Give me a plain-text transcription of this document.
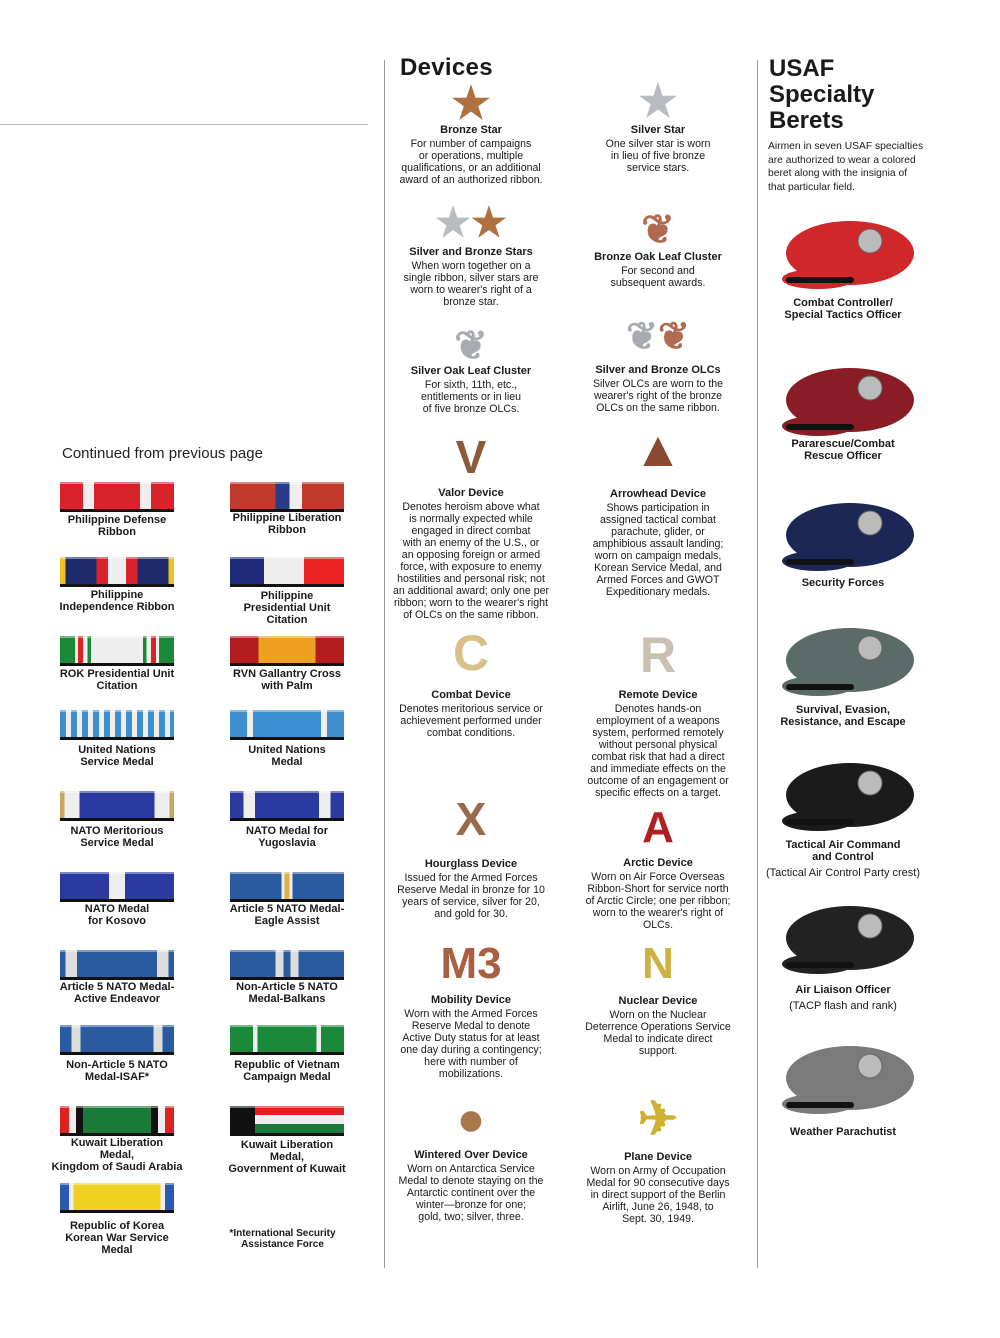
Continued from previous page
*International Security
Assistance Force
Devices	USAF
Specialty
Berets
Airmen in seven USAF specialties
are authorized to wear a colored
beret along with the insignia of
that particular field.
Philippine Defense
Ribbon
Philippine Liberation
Ribbon
Philippine
Independence Ribbon
Philippine
Presidential Unit
Citation
ROK Presidential Unit
Citation
RVN Gallantry Cross
with Palm
United Nations
Service Medal
United Nations
Medal
NATO Meritorious
Service Medal
NATO Medal for
Yugoslavia
NATO Medal
for Kosovo
Article 5 NATO Medal-
Eagle Assist
Article 5 NATO Medal-
Active Endeavor
Non-Article 5 NATO
Medal-Balkans
Non-Article 5 NATO
Medal-ISAF*
Republic of Vietnam
Campaign Medal
Kuwait Liberation
Medal,
Kingdom of Saudi Arabia
Kuwait Liberation
Medal,
Government of Kuwait
Republic of Korea
Korean War Service
Medal
★
Bronze Star
For number of campaigns
or operations, multiple
qualifications, or an additional
award of an authorized ribbon.
★
Silver Star
One silver star is worn
in lieu of five bronze
service stars.
★★
Silver and Bronze Stars
When worn together on a
single ribbon, silver stars are
worn to wearer's right of a
bronze star.
❦
Bronze Oak Leaf Cluster
For second and
subsequent awards.
❦
Silver Oak Leaf Cluster
For sixth, 11th, etc.,
entitlements or in lieu
of five bronze OLCs.
❦❦
Silver and Bronze OLCs
Silver OLCs are worn to the
wearer's right of the bronze
OLCs on the same ribbon.
V
Valor Device
Denotes heroism above what
is normally expected while
engaged in direct combat
with an enemy of the U.S., or
an opposing foreign or armed
force, with exposure to enemy
hostilities and personal risk; not
an additional award; only one per
ribbon; worn to the wearer's right
of OLCs on the same ribbon.
▲
Arrowhead Device
Shows participation in
assigned tactical combat
parachute, glider, or
amphibious assault landing;
worn on campaign medals,
Korean Service Medal, and
Armed Forces and GWOT
Expeditionary medals.
C
Combat Device
Denotes meritorious service or
achievement performed under
combat conditions.
R
Remote Device
Denotes hands-on
employment of a weapons
system, performed remotely
without personal physical
combat risk that had a direct
and immediate effects on the
outcome of an engagement or
specific effects on a target.
X
Hourglass Device
Issued for the Armed Forces
Reserve Medal in bronze for 10
years of service, silver for 20,
and gold for 30.
A
Arctic Device
Worn on Air Force Overseas
Ribbon-Short for service north
of Arctic Circle; one per ribbon;
worn to the wearer's right of
OLCs.
M3
Mobility Device
Worn with the Armed Forces
Reserve Medal to denote
Active Duty status for at least
one day during a contingency;
here with number of
mobilizations.
N
Nuclear Device
Worn on the Nuclear
Deterrence Operations Service
Medal to indicate direct
support.
●
Wintered Over Device
Worn on Antarctica Service
Medal to denote staying on the
Antarctic continent over the
winter—bronze for one;
gold, two; silver, three.
✈
Plane Device
Worn on Army of Occupation
Medal for 90 consecutive days
in direct support of the Berlin
Airlift, June 26, 1948, to
Sept. 30, 1949.
Combat Controller/
Special Tactics Officer
Pararescue/Combat
Rescue Officer
Security Forces
Survival, Evasion,
Resistance, and Escape
Tactical Air Command
and Control
(Tactical Air Control Party crest)
Air Liaison Officer
(TACP flash and rank)
Weather Parachutist
